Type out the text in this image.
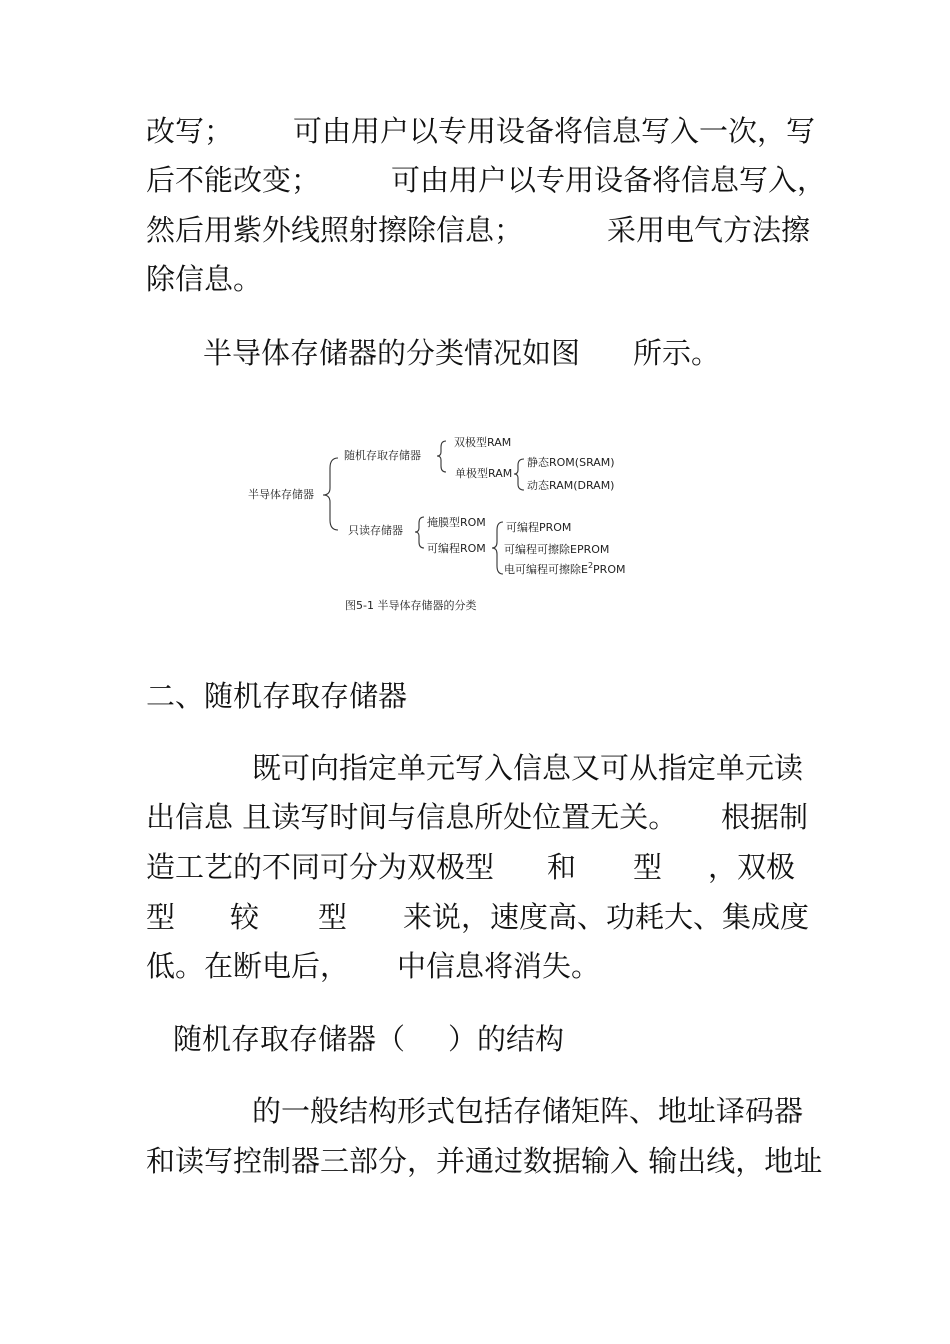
改写；

可由用户以专用设备将信息写入一次，写

后不能改变；

可由用户以专用设备将信息写入，

然后用紫外线照射擦除信息；

	采用电气方法擦

除信息。

半导体存储器的分类情况如图

所示。

半导体存储器
随机存取存储器
双极型RAM
单极型RAM
静态ROM(SRAM)
动态RAM(DRAM)
只读存储器
掩膜型ROM
可编程ROM
可编程PROM
可编程可擦除EPROM
电可编程可擦除$E^2PROM$
图5-1 半导体存储器的分类

二、随机存取存储器

既可向指定单元写入信息又可从指定单元读

出信息 且读写时间与信息所处位置无关。

根据制

造工艺的不同可分为双极型

和

型

，双极

型

较

型

来说，速度高、功耗大、集成度

低。在断电后，

中信息将消失。

随机存取存储器（

）的结构

的一般结构形式包括存储矩阵、地址译码器

和读写控制器三部分，并通过数据输入 输出线，地址
